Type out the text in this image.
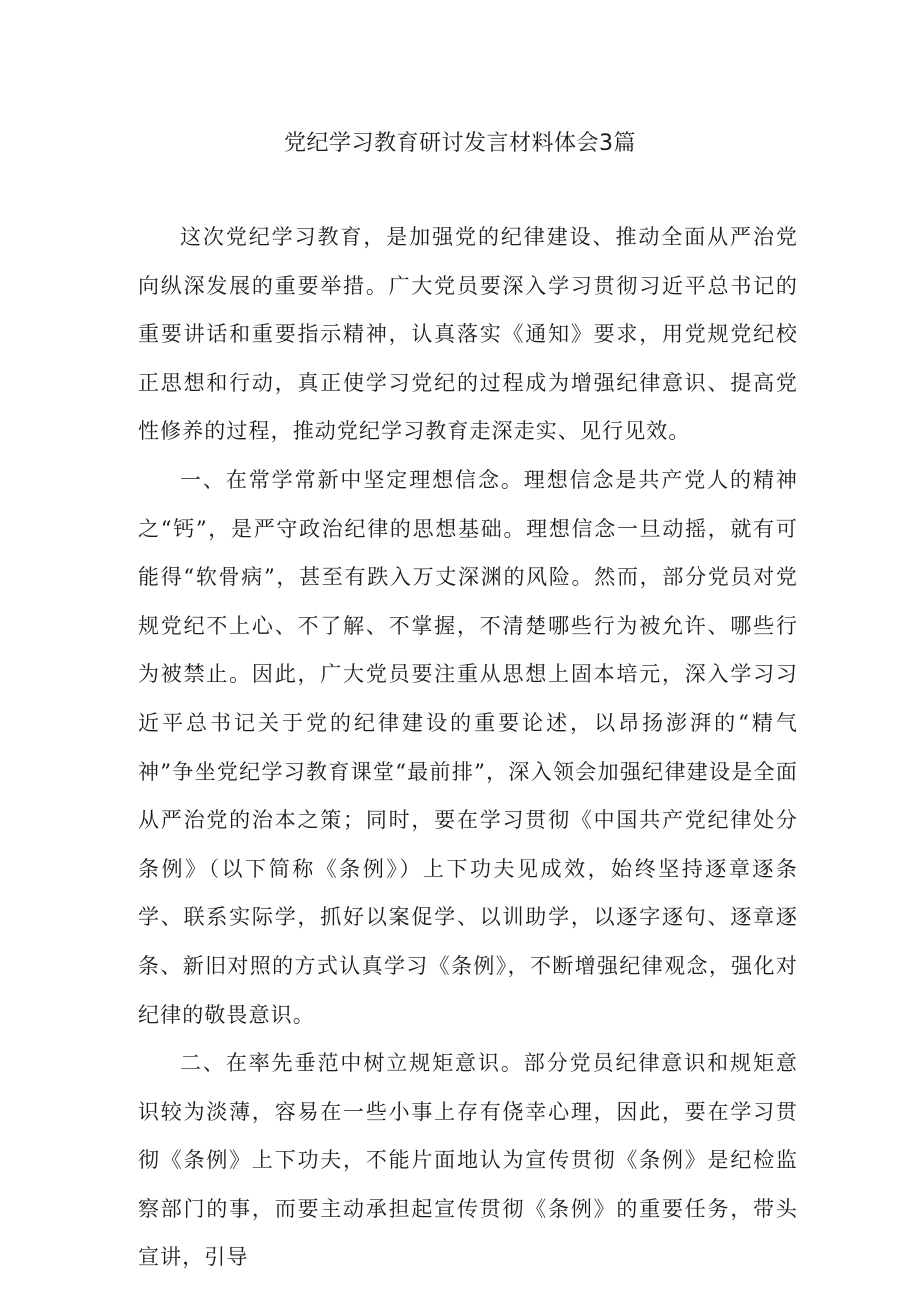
党纪学习教育研讨发言材料体会3篇

这次党纪学习教育，是加强党的纪律建设、推动全面从严治党向纵深发展的重要举措。广大党员要深入学习贯彻习近平总书记的重要讲话和重要指示精神，认真落实《通知》要求，用党规党纪校正思想和行动，真正使学习党纪的过程成为增强纪律意识、提高党性修养的过程，推动党纪学习教育走深走实、见行见效。

一、在常学常新中坚定理想信念。理想信念是共产党人的精神之“钙”，是严守政治纪律的思想基础。理想信念一旦动摇，就有可能得“软骨病”，甚至有跌入万丈深渊的风险。然而，部分党员对党规党纪不上心、不了解、不掌握，不清楚哪些行为被允许、哪些行为被禁止。因此，广大党员要注重从思想上固本培元，深入学习习近平总书记关于党的纪律建设的重要论述，以昂扬澎湃的“精气神”争坐党纪学习教育课堂“最前排”，深入领会加强纪律建设是全面从严治党的治本之策；同时，要在学习贯彻《中国共产党纪律处分条例》（以下简称《条例》）上下功夫见成效，始终坚持逐章逐条学、联系实际学，抓好以案促学、以训助学，以逐字逐句、逐章逐条、新旧对照的方式认真学习《条例》，不断增强纪律观念，强化对纪律的敬畏意识。

二、在率先垂范中树立规矩意识。部分党员纪律意识和规矩意识较为淡薄，容易在一些小事上存有侥幸心理，因此，要在学习贯彻《条例》上下功夫，不能片面地认为宣传贯彻《条例》是纪检监察部门的事，而要主动承担起宣传贯彻《条例》的重要任务，带头宣讲，引导
